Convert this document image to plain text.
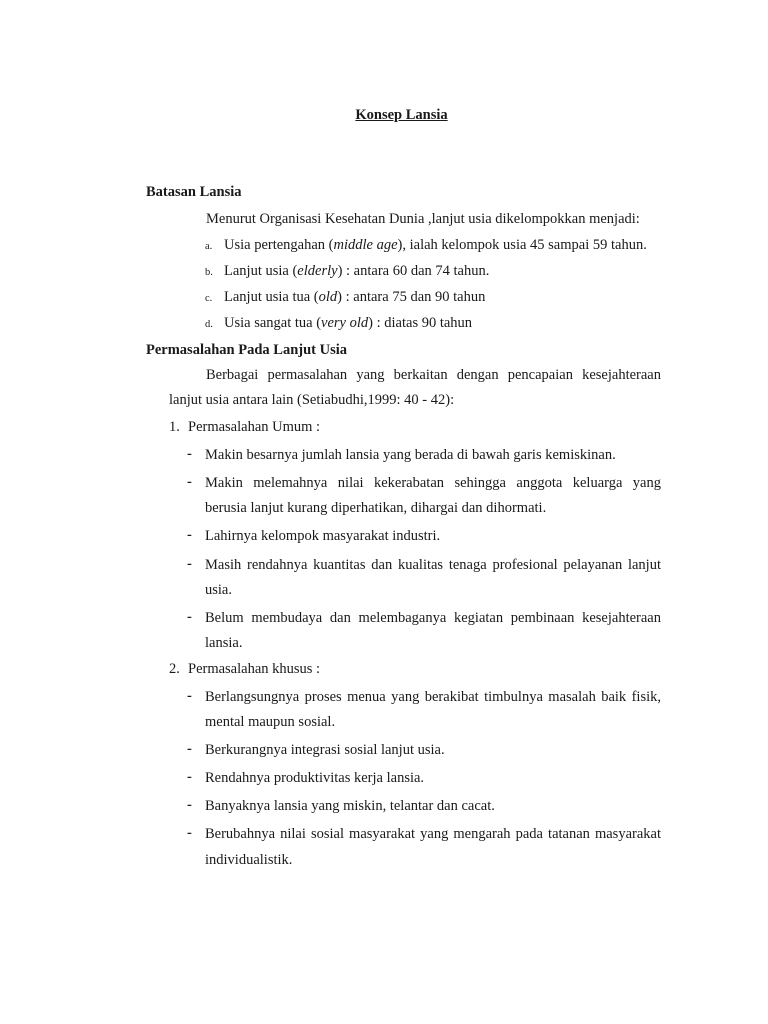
Konsep Lansia
Batasan Lansia
Menurut Organisasi Kesehatan Dunia ,lanjut usia dikelompokkan menjadi:
a. Usia pertengahan (middle age), ialah kelompok usia 45 sampai 59 tahun.
b. Lanjut usia (elderly) : antara 60 dan 74 tahun.
c. Lanjut usia tua (old) : antara 75 dan 90 tahun
d. Usia sangat tua (very old) : diatas 90 tahun
Permasalahan Pada Lanjut Usia
Berbagai permasalahan yang berkaitan dengan pencapaian kesejahteraan
lanjut usia antara lain (Setiabudhi,1999: 40 - 42):
1. Permasalahan Umum :
- Makin besarnya jumlah lansia yang berada di bawah garis kemiskinan.
- Makin melemahnya nilai kekerabatan sehingga anggota keluarga yang
berusia lanjut kurang diperhatikan, dihargai dan dihormati.
- Lahirnya kelompok masyarakat industri.
- Masih rendahnya kuantitas dan kualitas tenaga profesional pelayanan lanjut
usia.
- Belum membudaya dan melembaganya kegiatan pembinaan kesejahteraan
lansia.
2. Permasalahan khusus :
- Berlangsungnya proses menua yang berakibat timbulnya masalah baik fisik,
mental maupun sosial.
- Berkurangnya integrasi sosial lanjut usia.
- Rendahnya produktivitas kerja lansia.
- Banyaknya lansia yang miskin, telantar dan cacat.
- Berubahnya nilai sosial masyarakat yang mengarah pada tatanan masyarakat
individualistik.
